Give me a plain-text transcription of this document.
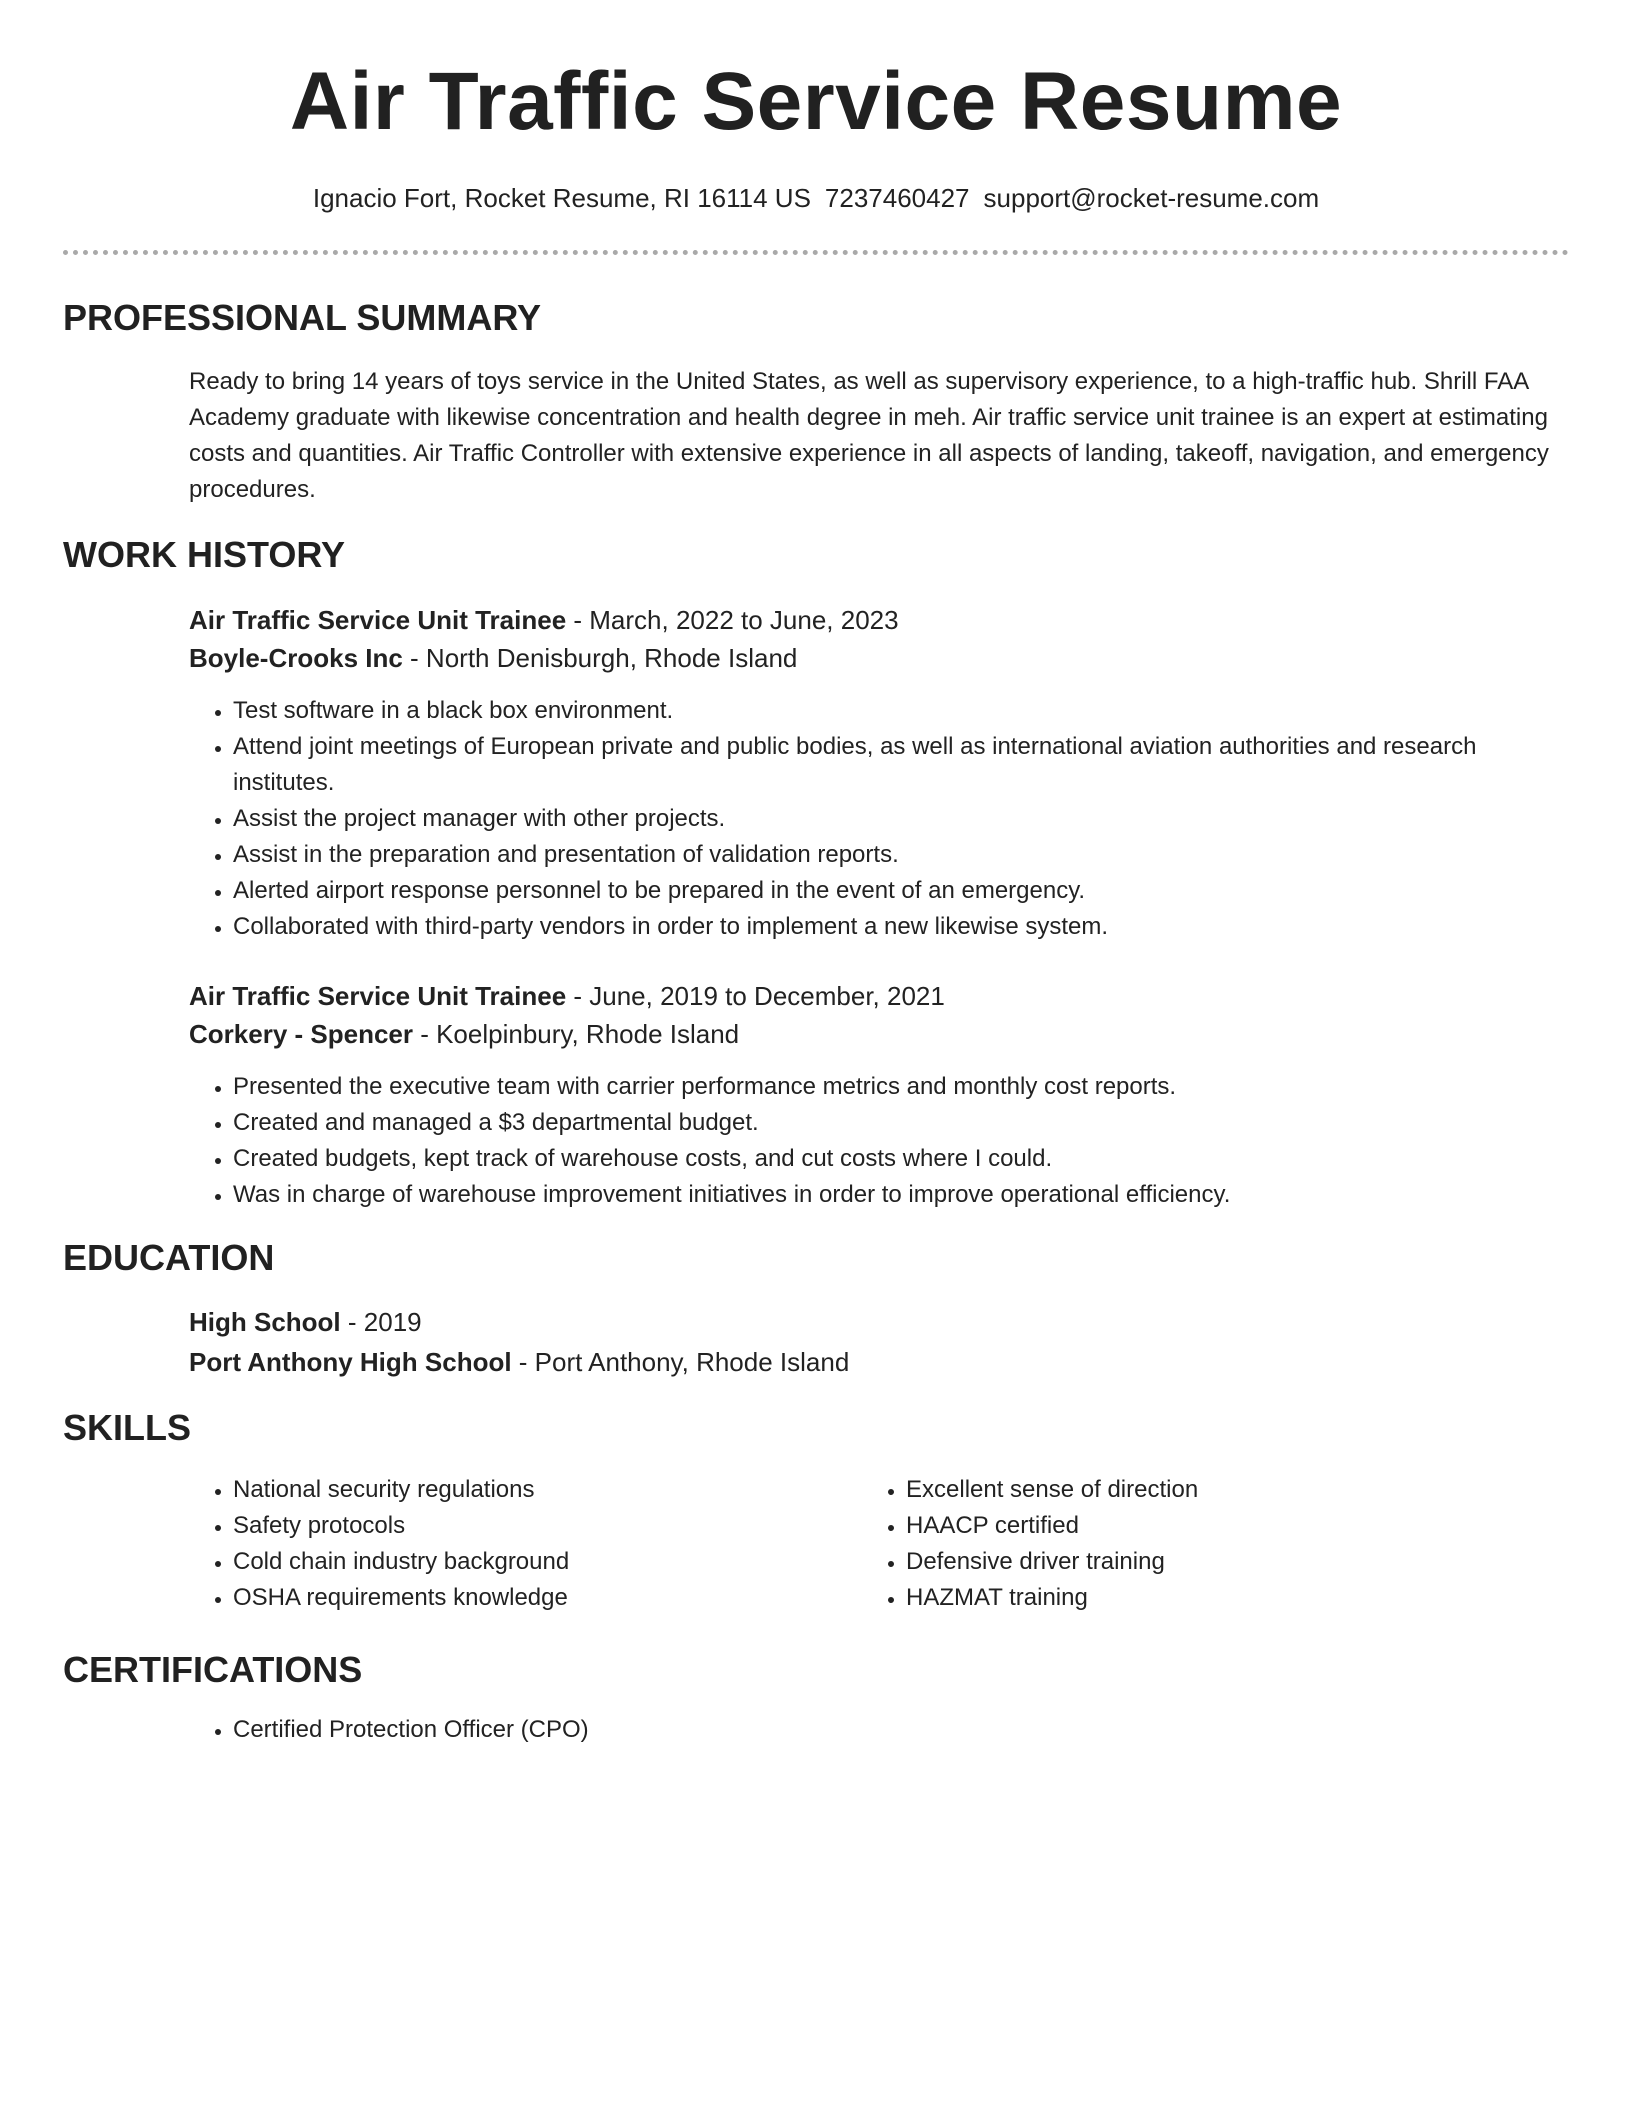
Air Traffic Service Resume
Ignacio Fort, Rocket Resume, RI 16114 US 7237460427 support@rocket-resume.com
PROFESSIONAL SUMMARY
Ready to bring 14 years of toys service in the United States, as well as supervisory experience, to a high-traffic hub. Shrill FAA Academy graduate with likewise concentration and health degree in meh. Air traffic service unit trainee is an expert at estimating costs and quantities. Air Traffic Controller with extensive experience in all aspects of landing, takeoff, navigation, and emergency procedures.
WORK HISTORY
Air Traffic Service Unit Trainee - March, 2022 to June, 2023
Boyle-Crooks Inc - North Denisburgh, Rhode Island
• Test software in a black box environment.
• Attend joint meetings of European private and public bodies, as well as international aviation authorities and research institutes.
• Assist the project manager with other projects.
• Assist in the preparation and presentation of validation reports.
• Alerted airport response personnel to be prepared in the event of an emergency.
• Collaborated with third-party vendors in order to implement a new likewise system.
Air Traffic Service Unit Trainee - June, 2019 to December, 2021
Corkery - Spencer - Koelpinbury, Rhode Island
• Presented the executive team with carrier performance metrics and monthly cost reports.
• Created and managed a $3 departmental budget.
• Created budgets, kept track of warehouse costs, and cut costs where I could.
• Was in charge of warehouse improvement initiatives in order to improve operational efficiency.
EDUCATION
High School - 2019
Port Anthony High School - Port Anthony, Rhode Island
SKILLS
• National security regulations
• Safety protocols
• Cold chain industry background
• OSHA requirements knowledge
• Excellent sense of direction
• HAACP certified
• Defensive driver training
• HAZMAT training
CERTIFICATIONS
• Certified Protection Officer (CPO)
